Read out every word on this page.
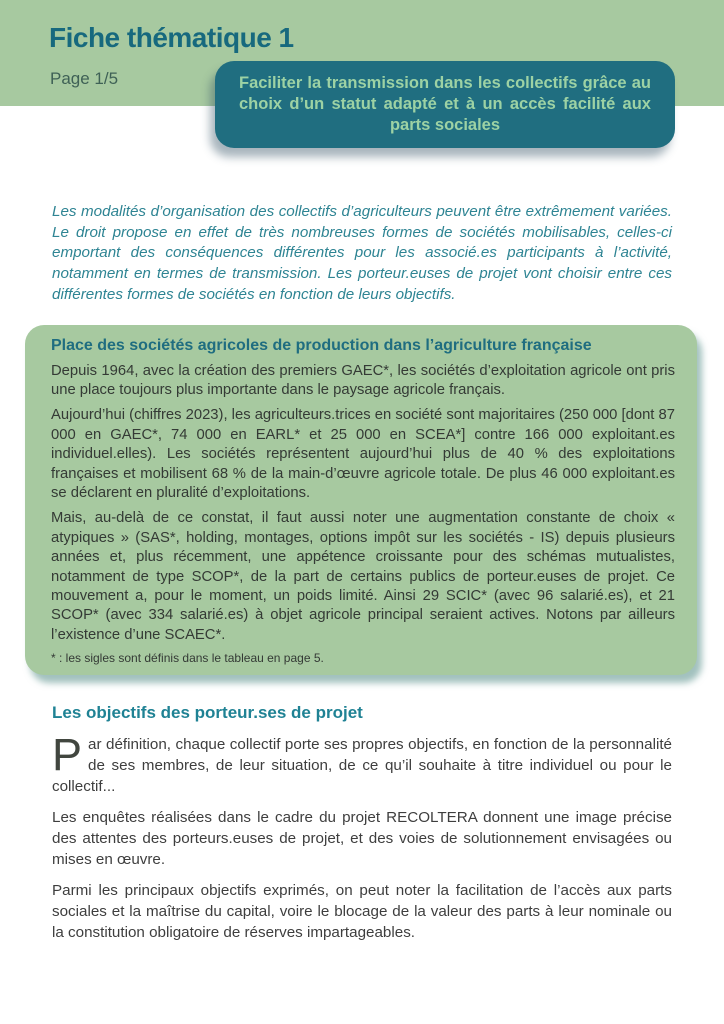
Fiche thématique 1
Page 1/5	Faciliter la transmission dans les collectifs grâce au choix d’un statut adapté et à un accès facilité aux parts sociales

Les modalités d’organisation des collectifs d’agriculteurs peuvent être extrêmement variées. Le droit propose en effet de très nombreuses formes de sociétés mobilisables, celles-ci emportant des conséquences différentes pour les associé.es participants à l’activité, notamment en termes de transmission. Les porteur.euses de projet vont choisir entre ces différentes formes de sociétés en fonction de leurs objectifs.

Place des sociétés agricoles de production dans l’agriculture française

Depuis 1964, avec la création des premiers GAEC*, les sociétés d’exploitation agricole ont pris une place toujours plus importante dans le paysage agricole français.

Aujourd’hui (chiffres 2023), les agriculteurs.trices en société sont majoritaires (250 000 [dont 87 000 en GAEC*, 74 000 en EARL* et 25 000 en SCEA*] contre 166 000 exploitant.es individuel.elles). Les sociétés représentent aujourd’hui plus de 40 % des exploitations françaises et mobilisent 68 % de la main-d’œuvre agricole totale. De plus 46 000 exploitant.es se déclarent en pluralité d’exploitations.

Mais, au-delà de ce constat, il faut aussi noter une augmentation constante de choix « atypiques » (SAS*, holding, montages, options impôt sur les sociétés - IS) depuis plusieurs années et, plus récemment, une appétence croissante pour des schémas mutualistes, notamment de type SCOP*, de la part de certains publics de porteur.euses de projet. Ce mouvement a, pour le moment, un poids limité. Ainsi 29 SCIC* (avec 96 salarié.es), et 21 SCOP* (avec 334 salarié.es) à objet agricole principal seraient actives. Notons par ailleurs l’existence d’une SCAEC*.

* : les sigles sont définis dans le tableau en page 5.

Les objectifs des porteur.ses de projet

Par définition, chaque collectif porte ses propres objectifs, en fonction de la personnalité de ses membres, de leur situation, de ce qu’il souhaite à titre individuel ou pour le collectif...

Les enquêtes réalisées dans le cadre du projet RECOLTERA donnent une image précise des attentes des porteurs.euses de projet, et des voies de solutionnement envisagées ou mises en œuvre.

Parmi les principaux objectifs exprimés, on peut noter la facilitation de l’accès aux parts sociales et la maîtrise du capital, voire le blocage de la valeur des parts à leur nominale ou la constitution obligatoire de réserves impartageables.
